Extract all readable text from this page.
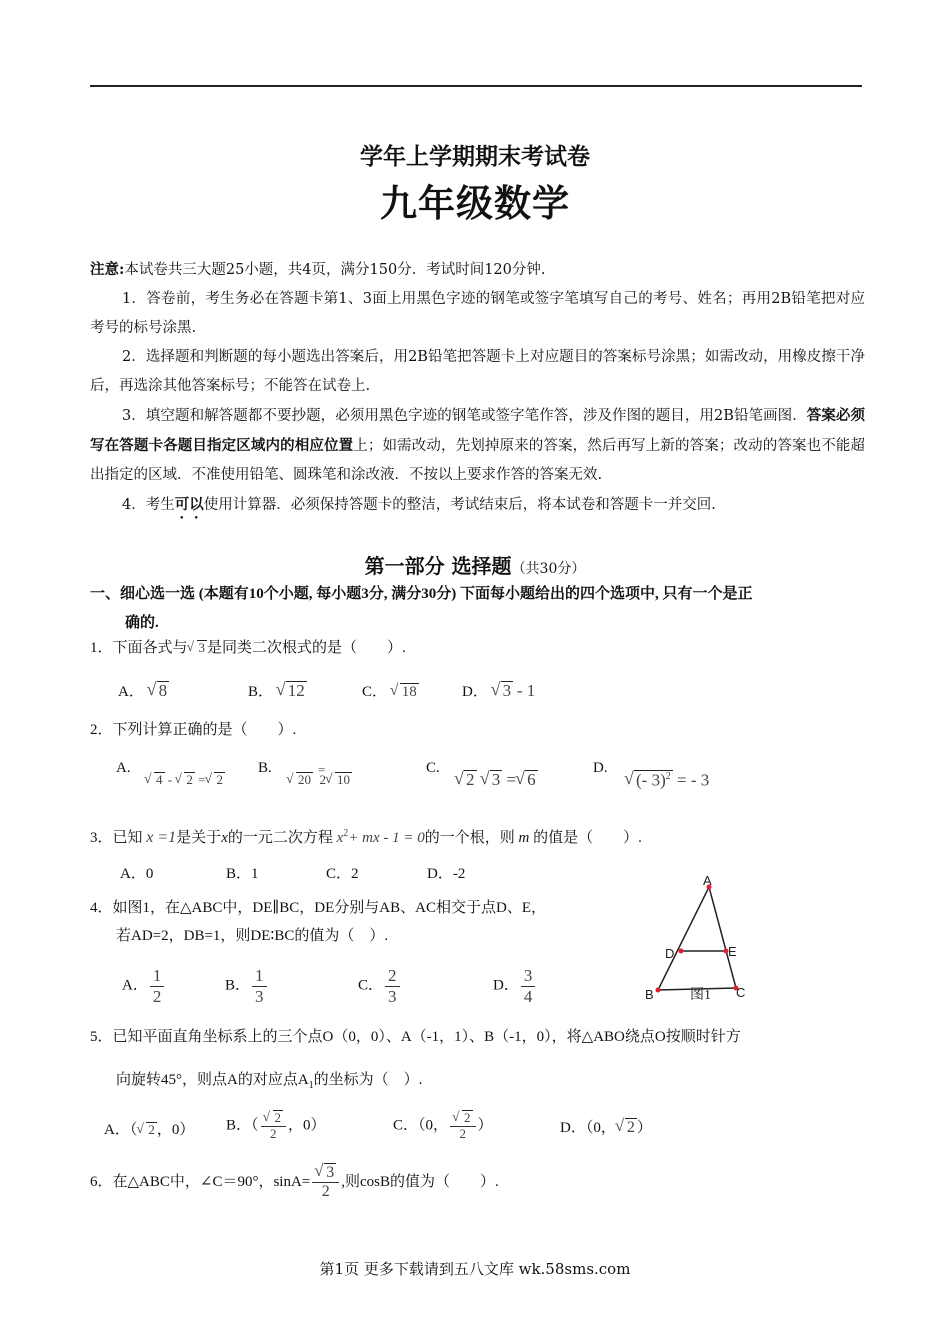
学年上学期期末考试卷
九年级数学

注意:本试卷共三大题25小题，共4页，满分150分．考试时间120分钟.

1．答卷前，考生务必在答题卡第1、3面上用黑色字迹的钢笔或签字笔填写自己的考号、姓名；再用2B铅笔把对应考号的标号涂黑.

2．选择题和判断题的每小题选出答案后，用2B铅笔把答题卡上对应题目的答案标号涂黑；如需改动，用橡皮擦干净后，再选涂其他答案标号；不能答在试卷上.

3．填空题和解答题都不要抄题，必须用黑色字迹的钢笔或签字笔作答，涉及作图的题目，用2B铅笔画图．答案必须写在答题卡各题目指定区域内的相应位置上；如需改动，先划掉原来的答案，然后再写上新的答案；改动的答案也不能超出指定的区域．不准使用铅笔、圆珠笔和涂改液．不按以上要求作答的答案无效.

4．考生可以使用计算器．必须保持答题卡的整洁，考试结束后，将本试卷和答题卡一并交回.

第一部分 选择题（共30分）
一、细心选一选 (本题有10个小题, 每小题3分, 满分30分) 下面每小题给出的四个选项中, 只有一个是正
确的.
1．下面各式与 √ 3 是同类二次根式的是（　　）.
A． √ 8	B． √ 12	C． √ 18	D． √ 3 - 1
2．下列计算正确的是（　　）.
A.
√ 4 - √ 2 = √ 2
B.	=
√ 20 2 √ 10
C.
√ 2 √ 3 = √ 6
D.
√ (- 3)$^2$ = - 3
3．已知 x =1是关于x的一元二次方程 $x^2+$ mx - 1 = 0的一个根，则 m 的值是（　　）.
A．0	B．1	C．2	D．-2
4．如图1，在△ABC中，DE∥BC，DE分别与AB、AC相交于点D、E，
若AD=2，DB=1，则DE∶BC的值为（　）.
A． $\frac{1}{2}$	B． $\frac{1}{3}$	C． $\frac{2}{3}$	D． $\frac{3}{4}$
A
B	C
D	E
图1
5．已知平面直角坐标系上的三个点O（0，0）、A（-1，1）、B（-1，0），将△ABO绕点O按顺时针方
向旋转45°，则点A的对应点$A_1$的坐标为（　）.
A．（ √ 2 ，0） B．（ √ $\frac{2}{2}$ ，0）	C．（0， √ $\frac{2}{2}$ ）	D．（0， √ 2 ）
6．在△ABC中，∠C＝90°，sinA= √ $\frac{3}{2}$ ,则cosB的值为（　　）.
第1页 更多下载请到五八文库 wk.58sms.com
